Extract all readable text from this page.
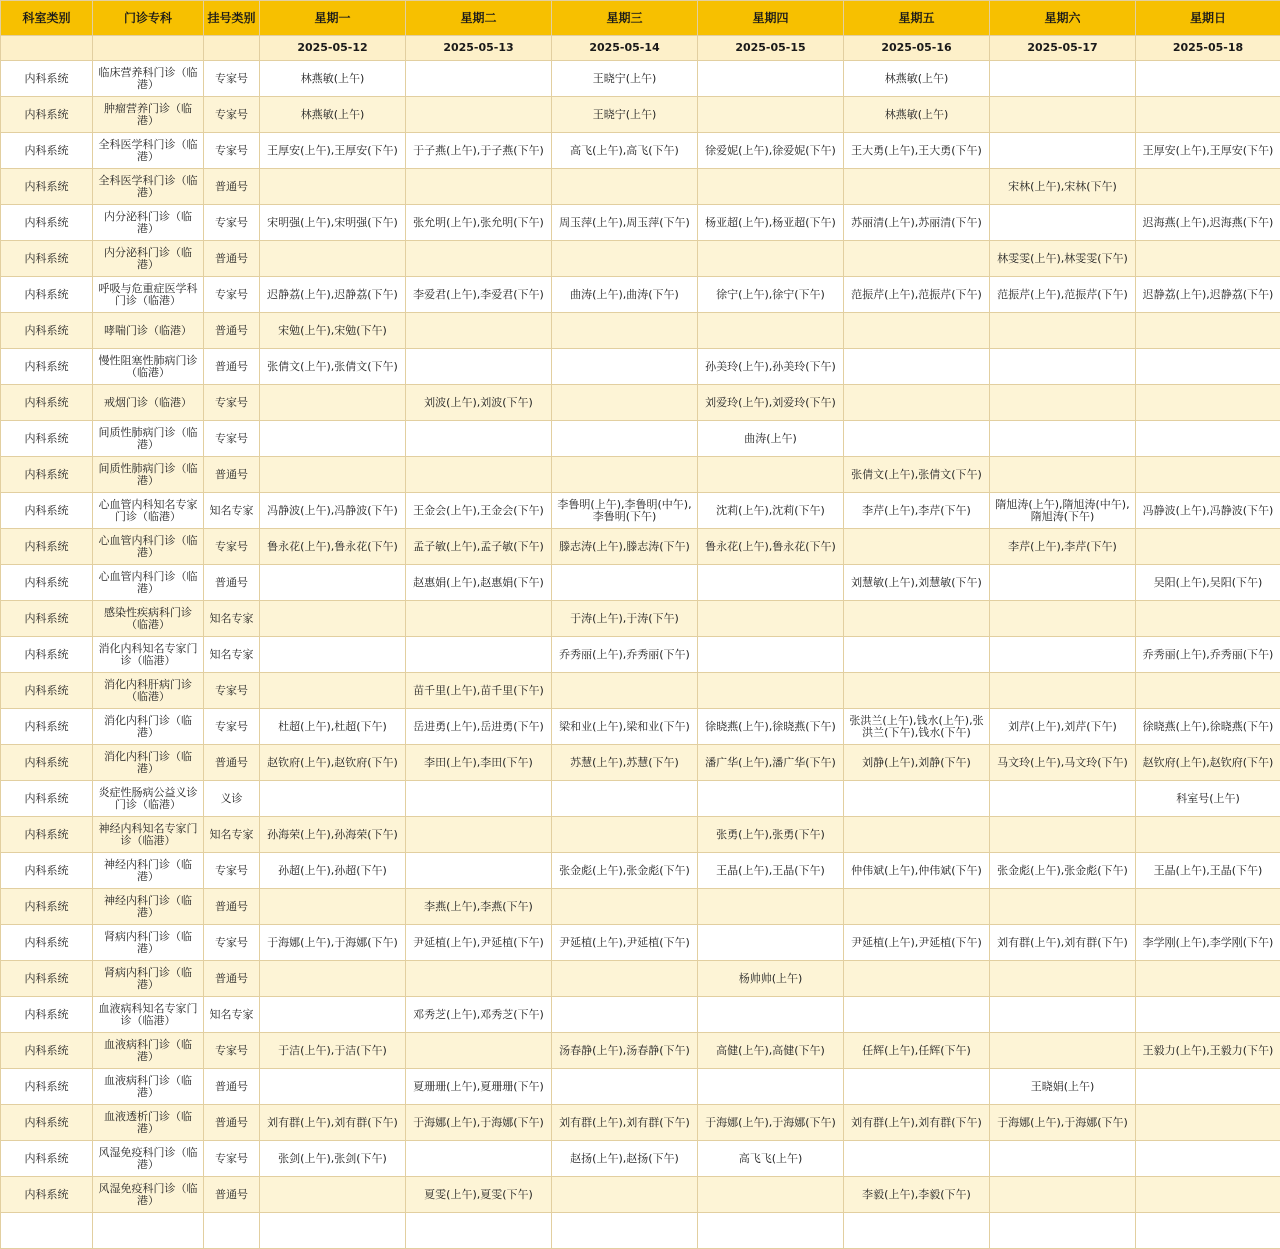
科室类别	门诊专科	挂号类别	星期一	星期二	星期三	星期四	星期五	星期六	星期日
			2025-05-12	2025-05-13	2025-05-14	2025-05-15	2025-05-16	2025-05-17	2025-05-18
内科系统	临床营养科门诊（临港）	专家号	林燕敏(上午)		王晓宁(上午)		林燕敏(上午)		
内科系统	肿瘤营养门诊（临港）	专家号	林燕敏(上午)		王晓宁(上午)		林燕敏(上午)		
内科系统	全科医学科门诊（临港）	专家号	王厚安(上午),王厚安(下午)	于子燕(上午),于子燕(下午)	高飞(上午),高飞(下午)	徐爱妮(上午),徐爱妮(下午)	王大勇(上午),王大勇(下午)		王厚安(上午),王厚安(下午)
内科系统	全科医学科门诊（临港）	普通号						宋林(上午),宋林(下午)	
内科系统	内分泌科门诊（临港）	专家号	宋明强(上午),宋明强(下午)	张允明(上午),张允明(下午)	周玉萍(上午),周玉萍(下午)	杨亚超(上午),杨亚超(下午)	苏丽清(上午),苏丽清(下午)		迟海燕(上午),迟海燕(下午)
内科系统	内分泌科门诊（临港）	普通号						林雯雯(上午),林雯雯(下午)	
内科系统	呼吸与危重症医学科门诊（临港）	专家号	迟静荔(上午),迟静荔(下午)	李爱君(上午),李爱君(下午)	曲涛(上午),曲涛(下午)	徐宁(上午),徐宁(下午)	范振芹(上午),范振芹(下午)	范振芹(上午),范振芹(下午)	迟静荔(上午),迟静荔(下午)
内科系统	哮喘门诊（临港）	普通号	宋勉(上午),宋勉(下午)						
内科系统	慢性阻塞性肺病门诊（临港）	普通号	张倩文(上午),张倩文(下午)			孙美玲(上午),孙美玲(下午)			
内科系统	戒烟门诊（临港）	专家号		刘波(上午),刘波(下午)		刘爱玲(上午),刘爱玲(下午)			
内科系统	间质性肺病门诊（临港）	专家号				曲涛(上午)			
内科系统	间质性肺病门诊（临港）	普通号					张倩文(上午),张倩文(下午)		
内科系统	心血管内科知名专家门诊（临港）	知名专家	冯静波(上午),冯静波(下午)	王金会(上午),王金会(下午)	李鲁明(上午),李鲁明(中午),李鲁明(下午)	沈莉(上午),沈莉(下午)	李芹(上午),李芹(下午)	隋旭涛(上午),隋旭涛(中午),隋旭涛(下午)	冯静波(上午),冯静波(下午)
内科系统	心血管内科门诊（临港）	专家号	鲁永花(上午),鲁永花(下午)	孟子敏(上午),孟子敏(下午)	滕志涛(上午),滕志涛(下午)	鲁永花(上午),鲁永花(下午)		李芹(上午),李芹(下午)	
内科系统	心血管内科门诊（临港）	普通号		赵惠娟(上午),赵惠娟(下午)			刘慧敏(上午),刘慧敏(下午)		吴阳(上午),吴阳(下午)
内科系统	感染性疾病科门诊（临港）	知名专家			于涛(上午),于涛(下午)				
内科系统	消化内科知名专家门诊（临港）	知名专家			乔秀丽(上午),乔秀丽(下午)				乔秀丽(上午),乔秀丽(下午)
内科系统	消化内科肝病门诊（临港）	专家号		苗千里(上午),苗千里(下午)					
内科系统	消化内科门诊（临港）	专家号	杜超(上午),杜超(下午)	岳进勇(上午),岳进勇(下午)	梁和业(上午),梁和业(下午)	徐晓燕(上午),徐晓燕(下午)	张洪兰(上午),钱水(上午),张洪兰(下午),钱水(下午)	刘芹(上午),刘芹(下午)	徐晓燕(上午),徐晓燕(下午)
内科系统	消化内科门诊（临港）	普通号	赵钦府(上午),赵钦府(下午)	李田(上午),李田(下午)	苏慧(上午),苏慧(下午)	潘广华(上午),潘广华(下午)	刘静(上午),刘静(下午)	马文玲(上午),马文玲(下午)	赵钦府(上午),赵钦府(下午)
内科系统	炎症性肠病公益义诊门诊（临港）	义诊							科室号(上午)
内科系统	神经内科知名专家门诊（临港）	知名专家	孙海荣(上午),孙海荣(下午)			张勇(上午),张勇(下午)			
内科系统	神经内科门诊（临港）	专家号	孙超(上午),孙超(下午)		张金彪(上午),张金彪(下午)	王晶(上午),王晶(下午)	仲伟斌(上午),仲伟斌(下午)	张金彪(上午),张金彪(下午)	王晶(上午),王晶(下午)
内科系统	神经内科门诊（临港）	普通号		李燕(上午),李燕(下午)					
内科系统	肾病内科门诊（临港）	专家号	于海娜(上午),于海娜(下午)	尹延植(上午),尹延植(下午)	尹延植(上午),尹延植(下午)		尹延植(上午),尹延植(下午)	刘有群(上午),刘有群(下午)	李学刚(上午),李学刚(下午)
内科系统	肾病内科门诊（临港）	普通号				杨帅帅(上午)			
内科系统	血液病科知名专家门诊（临港）	知名专家		邓秀芝(上午),邓秀芝(下午)					
内科系统	血液病科门诊（临港）	专家号	于洁(上午),于洁(下午)		汤春静(上午),汤春静(下午)	高健(上午),高健(下午)	任辉(上午),任辉(下午)		王毅力(上午),王毅力(下午)
内科系统	血液病科门诊（临港）	普通号		夏珊珊(上午),夏珊珊(下午)				王晓娟(上午)	
内科系统	血液透析门诊（临港）	普通号	刘有群(上午),刘有群(下午)	于海娜(上午),于海娜(下午)	刘有群(上午),刘有群(下午)	于海娜(上午),于海娜(下午)	刘有群(上午),刘有群(下午)	于海娜(上午),于海娜(下午)	
内科系统	风湿免疫科门诊（临港）	专家号	张剑(上午),张剑(下午)		赵扬(上午),赵扬(下午)	高飞飞(上午)			
内科系统	风湿免疫科门诊（临港）	普通号		夏雯(上午),夏雯(下午)			李毅(上午),李毅(下午)		
